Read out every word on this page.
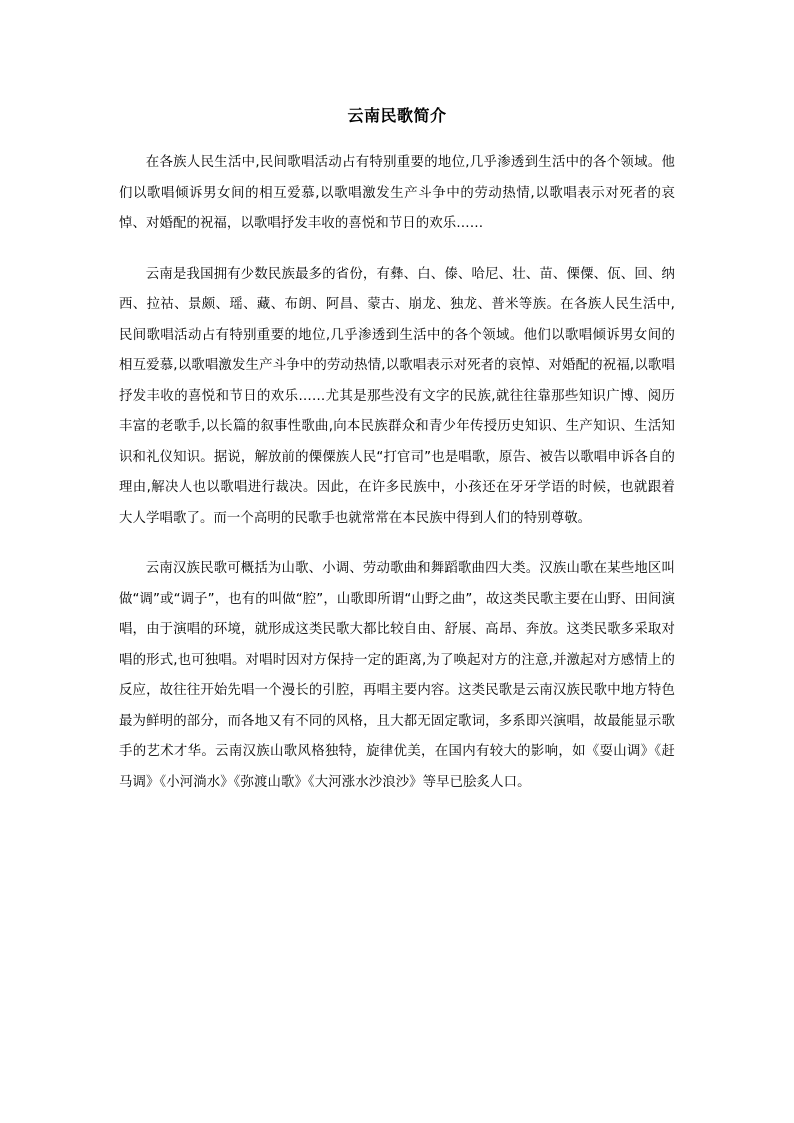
云南民歌简介

在各族人民生活中,民间歌唱活动占有特别重要的地位,几乎渗透到生活中的各个领域。他们以歌唱倾诉男女间的相互爱慕,以歌唱激发生产斗争中的劳动热情,以歌唱表示对死者的哀悼、对婚配的祝福，以歌唱抒发丰收的喜悦和节日的欢乐……

云南是我国拥有少数民族最多的省份，有彝、白、傣、哈尼、壮、苗、傈僳、佤、回、纳西、拉祜、景颇、瑶、藏、布朗、阿昌、蒙古、崩龙、独龙、普米等族。在各族人民生活中,民间歌唱活动占有特别重要的地位,几乎渗透到生活中的各个领域。他们以歌唱倾诉男女间的相互爱慕,以歌唱激发生产斗争中的劳动热情,以歌唱表示对死者的哀悼、对婚配的祝福,以歌唱抒发丰收的喜悦和节日的欢乐……尤其是那些没有文字的民族,就往往靠那些知识广博、阅历丰富的老歌手,以长篇的叙事性歌曲,向本民族群众和青少年传授历史知识、生产知识、生活知识和礼仪知识。据说，解放前的傈僳族人民“打官司”也是唱歌，原告、被告以歌唱申诉各自的理由,解决人也以歌唱进行裁决。因此，在许多民族中，小孩还在牙牙学语的时候，也就跟着大人学唱歌了。而一个高明的民歌手也就常常在本民族中得到人们的特别尊敬。

云南汉族民歌可概括为山歌、小调、劳动歌曲和舞蹈歌曲四大类。汉族山歌在某些地区叫做“调”或“调子”，也有的叫做“腔”，山歌即所谓“山野之曲”，故这类民歌主要在山野、田间演唱，由于演唱的环境，就形成这类民歌大都比较自由、舒展、高昂、奔放。这类民歌多采取对唱的形式,也可独唱。对唱时因对方保持一定的距离,为了唤起对方的注意,并激起对方感情上的反应，故往往开始先唱一个漫长的引腔，再唱主要内容。这类民歌是云南汉族民歌中地方特色最为鲜明的部分，而各地又有不同的风格，且大都无固定歌词，多系即兴演唱，故最能显示歌手的艺术才华。云南汉族山歌风格独特，旋律优美，在国内有较大的影响，如《耍山调》《赶马调》《小河淌水》《弥渡山歌》《大河涨水沙浪沙》等早已脍炙人口。
